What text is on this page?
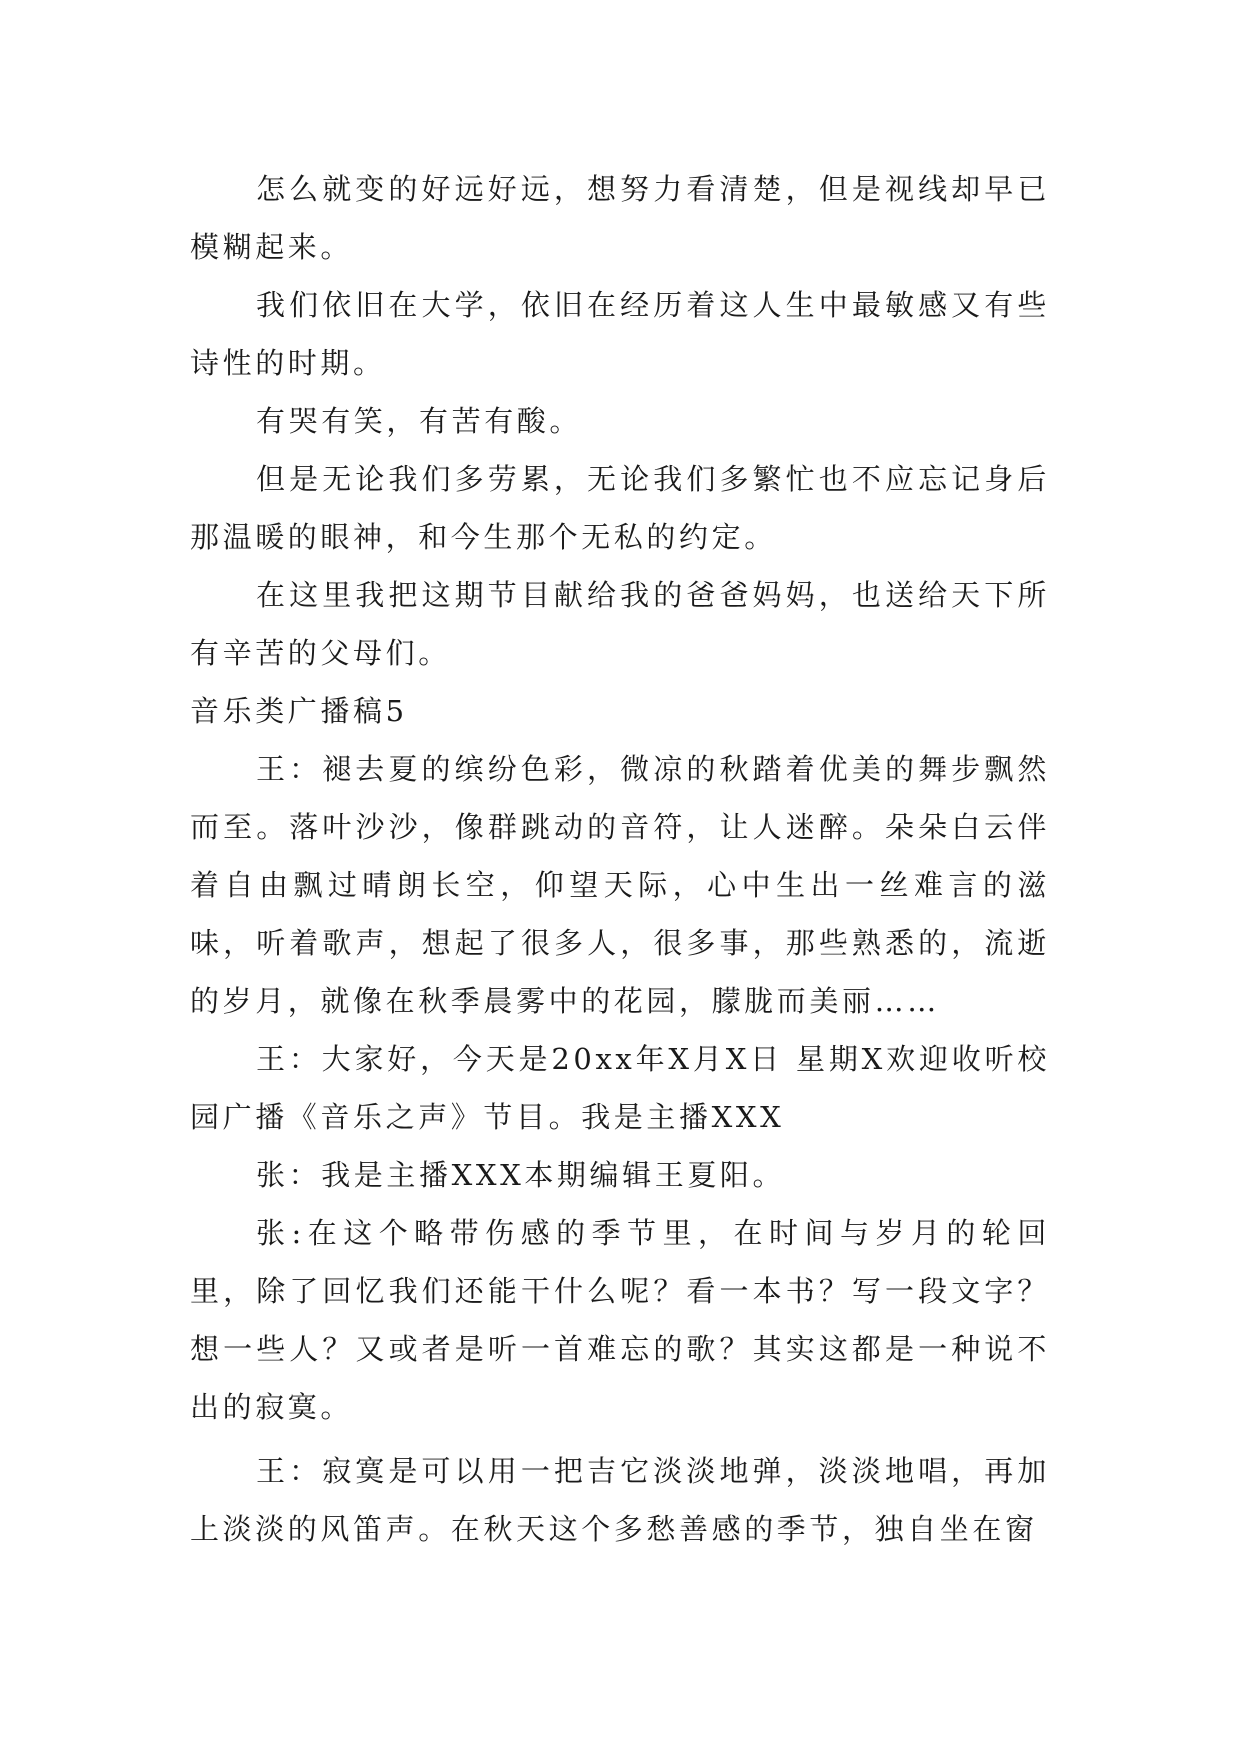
怎么就变的好远好远，想努力看清楚，但是视线却早已模糊起来。

我们依旧在大学，依旧在经历着这人生中最敏感又有些诗性的时期。

有哭有笑，有苦有酸。

但是无论我们多劳累，无论我们多繁忙也不应忘记身后那温暖的眼神，和今生那个无私的约定。

在这里我把这期节目献给我的爸爸妈妈，也送给天下所有辛苦的父母们。

音乐类广播稿5

王：褪去夏的缤纷色彩，微凉的秋踏着优美的舞步飘然而至。落叶沙沙，像群跳动的音符，让人迷醉。朵朵白云伴着自由飘过晴朗长空，仰望天际，心中生出一丝难言的滋味，听着歌声，想起了很多人，很多事，那些熟悉的，流逝的岁月，就像在秋季晨雾中的花园，朦胧而美丽……

王：大家好，今天是20xx年X月X日 星期X欢迎收听校园广播《音乐之声》节目。我是主播XXX

张：我是主播XXX本期编辑王夏阳。

张:在这个略带伤感的季节里，在时间与岁月的轮回里，除了回忆我们还能干什么呢？看一本书？写一段文字？想一些人？又或者是听一首难忘的歌？其实这都是一种说不出的寂寞。

王：寂寞是可以用一把吉它淡淡地弹，淡淡地唱，再加上淡淡的风笛声。在秋天这个多愁善感的季节，独自坐在窗
